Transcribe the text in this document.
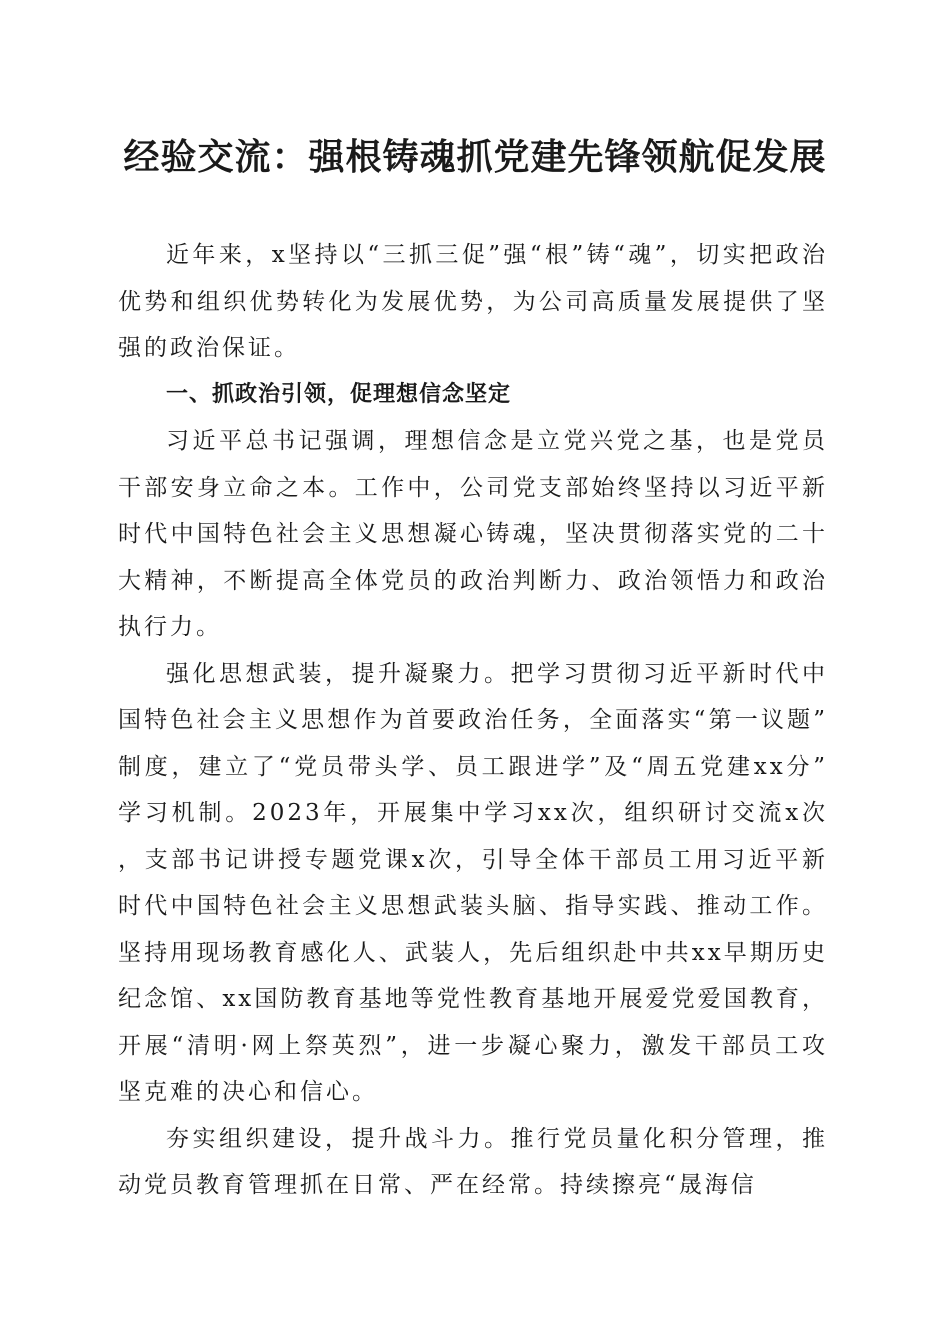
经验交流：强根铸魂抓党建先锋领航促发展

近年来，x坚持以“三抓三促”强“根”铸“魂”，切实把政治优势和组织优势转化为发展优势，为公司高质量发展提供了坚强的政治保证。

一、抓政治引领，促理想信念坚定

习近平总书记强调，理想信念是立党兴党之基，也是党员干部安身立命之本。工作中，公司党支部始终坚持以习近平新时代中国特色社会主义思想凝心铸魂，坚决贯彻落实党的二十大精神，不断提高全体党员的政治判断力、政治领悟力和政治执行力。

强化思想武装，提升凝聚力。把学习贯彻习近平新时代中国特色社会主义思想作为首要政治任务，全面落实“第一议题”制度，建立了“党员带头学、员工跟进学”及“周五党建xx分”学习机制。2023年，开展集中学习xx次，组织研讨交流x次，支部书记讲授专题党课x次，引导全体干部员工用习近平新时代中国特色社会主义思想武装头脑、指导实践、推动工作。坚持用现场教育感化人、武装人，先后组织赴中共xx早期历史纪念馆、xx国防教育基地等党性教育基地开展爱党爱国教育，开展“清明·网上祭英烈”，进一步凝心聚力，激发干部员工攻坚克难的决心和信心。

夯实组织建设，提升战斗力。推行党员量化积分管理，推动党员教育管理抓在日常、严在经常。持续擦亮“晟海信
